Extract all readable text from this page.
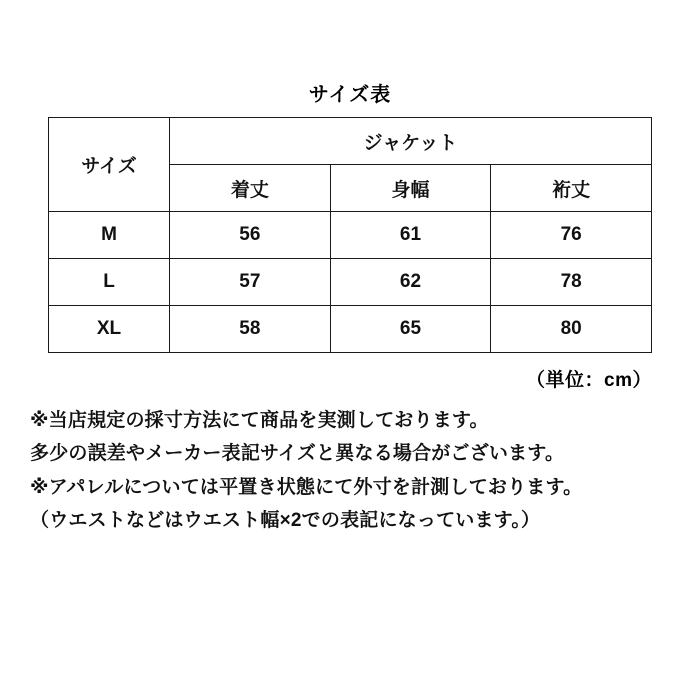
サイズ表
サイズ	ジャケット		
	着丈	身幅	裄丈
M	56	61	76
L	57	62	78
XL	58	65	80
（単位：cm）
※当店規定の採寸方法にて商品を実測しております。
多少の誤差やメーカー表記サイズと異なる場合がございます。
※アパレルについては平置き状態にて外寸を計測しております。
（ウエストなどはウエスト幅×2での表記になっています。）
